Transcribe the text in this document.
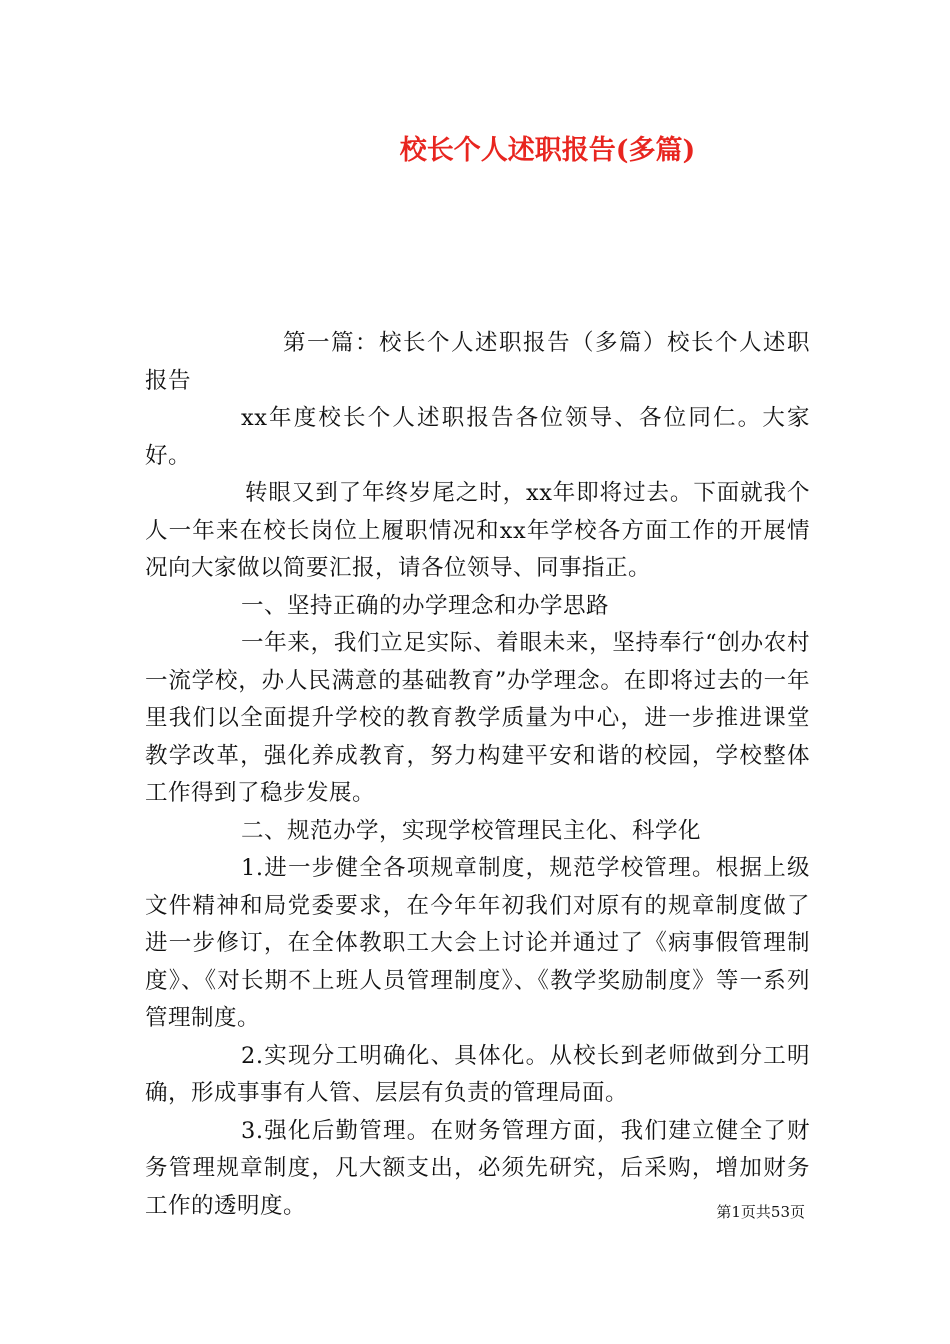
校长个人述职报告(多篇)

第一篇：校长个人述职报告（多篇）校长个人述职报告

xx年度校长个人述职报告各位领导、各位同仁。大家好。

转眼又到了年终岁尾之时，xx年即将过去。下面就我个人一年来在校长岗位上履职情况和xx年学校各方面工作的开展情况向大家做以简要汇报，请各位领导、同事指正。

一、坚持正确的办学理念和办学思路

一年来，我们立足实际、着眼未来，坚持奉行“创办农村一流学校，办人民满意的基础教育”办学理念。在即将过去的一年里我们以全面提升学校的教育教学质量为中心，进一步推进课堂教学改革，强化养成教育，努力构建平安和谐的校园，学校整体工作得到了稳步发展。

二、规范办学，实现学校管理民主化、科学化

1.进一步健全各项规章制度，规范学校管理。根据上级文件精神和局党委要求，在今年年初我们对原有的规章制度做了进一步修订，在全体教职工大会上讨论并通过了《病事假管理制度》、《对长期不上班人员管理制度》、《教学奖励制度》等一系列管理制度。

2.实现分工明确化、具体化。从校长到老师做到分工明确，形成事事有人管、层层有负责的管理局面。

3.强化后勤管理。在财务管理方面，我们建立健全了财务管理规章制度，凡大额支出，必须先研究，后采购，增加财务工作的透明度。	第1页共53页
